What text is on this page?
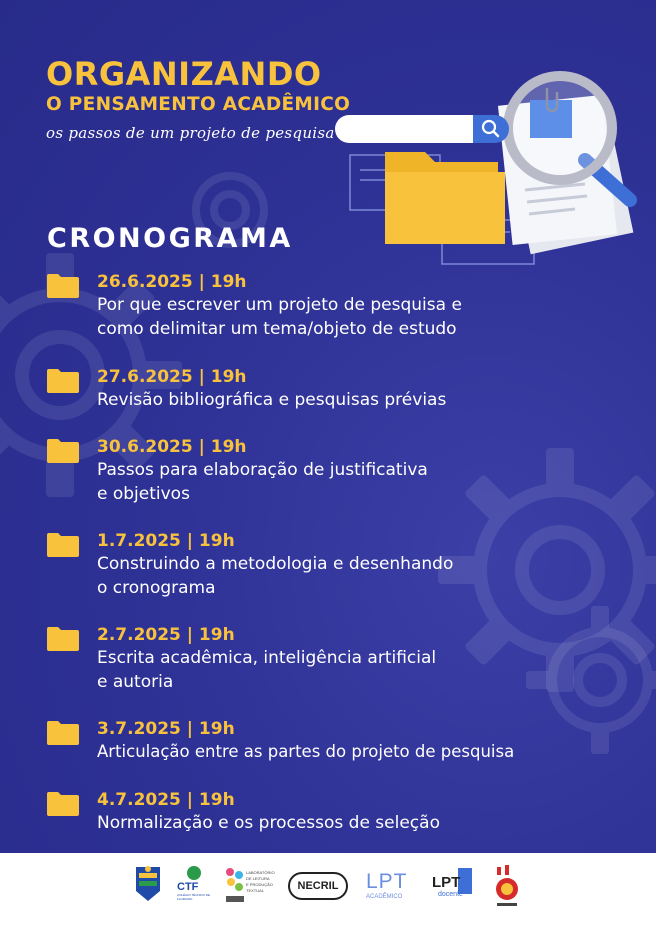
ORGANIZANDO
O PENSAMENTO ACADÊMICO
os passos de um projeto de pesquisa
CRONOGRAMA
26.6.2025 | 19h
Por que escrever um projeto de pesquisa e
como delimitar um tema/objeto de estudo
27.6.2025 | 19h
Revisão bibliográfica e pesquisas prévias
30.6.2025 | 19h
Passos para elaboração de justificativa
e objetivos
1.7.2025 | 19h
Construindo a metodologia e desenhando
o cronograma
2.7.2025 | 19h
Escrita acadêmica, inteligência artificial
e autoria
3.7.2025 | 19h
Articulação entre as partes do projeto de pesquisa
4.7.2025 | 19h
Normalização e os processos de seleção
CTF
COLÉGIO TÉCNICO DE FLORIANO
LABORATÓRIO
DE LEITURA
E PRODUÇÃO
TEXTUAL	NECRIL	LPT
ACADÊMICO
LPT
docente
